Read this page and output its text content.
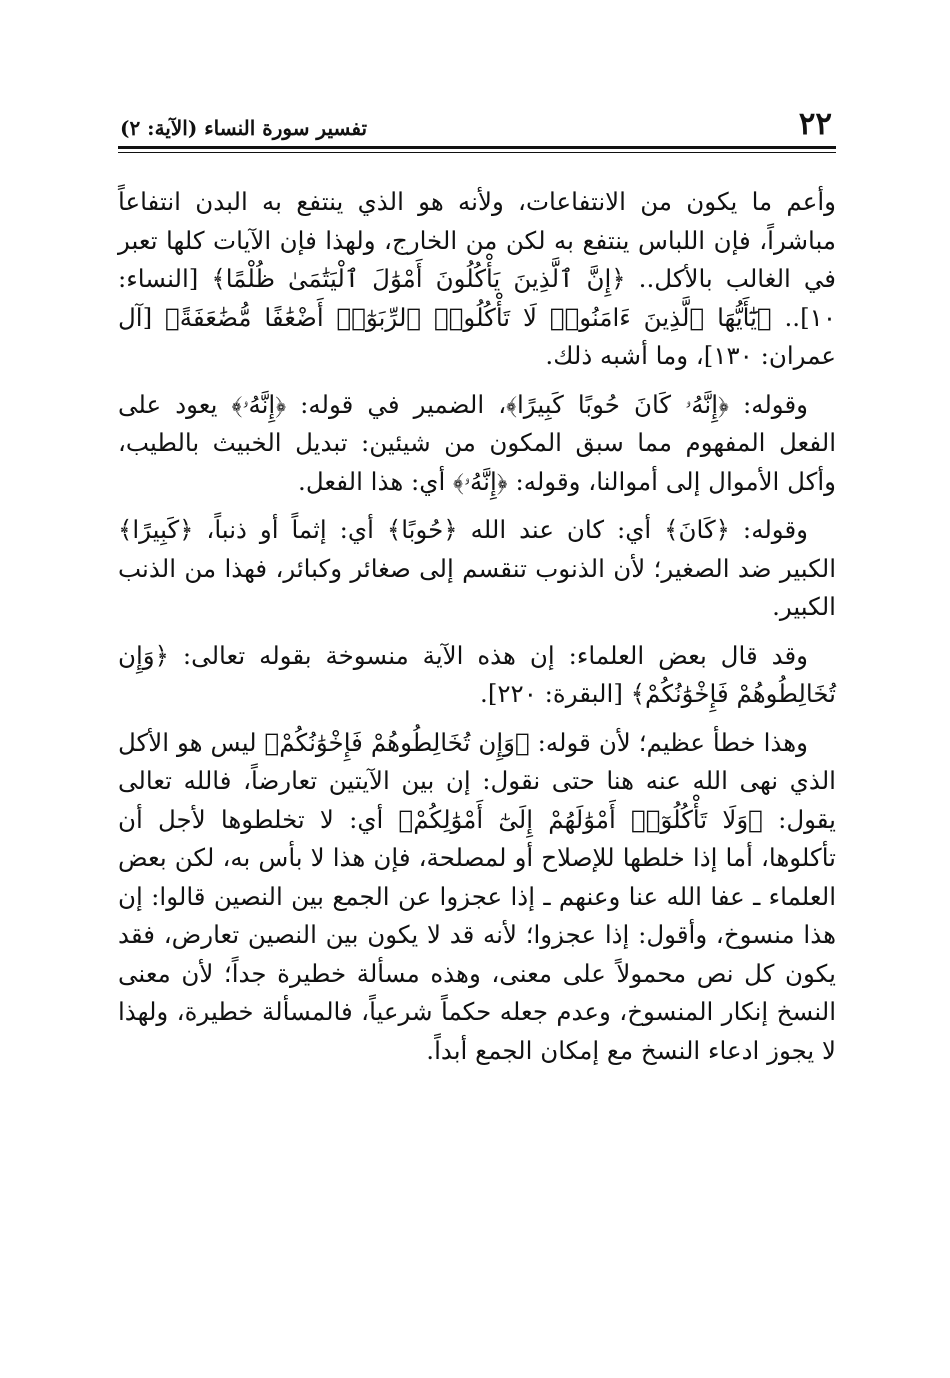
٢٢
تفسير سورة النساء (الآية: ٢)

وأعم ما يكون من الانتفاعات، ولأنه هو الذي ينتفع به البدن انتفاعاً مباشراً، فإن اللباس ينتفع به لكن من الخارج، ولهذا فإن الآيات كلها تعبر في الغالب بالأكل.. ﴿إِنَّ ٱلَّذِينَ يَأْكُلُونَ أَمْوَٰلَ ٱلْيَتَٰمَىٰ ظُلْمًا﴾ [النساء: ١٠].. ﴿يَٰٓأَيُّهَا ٱلَّذِينَ ءَامَنُوا۟ لَا تَأْكُلُوا۟ ٱلرِّبَوٰٓا۟ أَضْعَٰفًا مُّضَٰعَفَةً﴾ [آل عمران: ١٣٠]، وما أشبه ذلك.

وقوله: ﴿إِنَّهُۥ كَانَ حُوبًا كَبِيرًا﴾، الضمير في قوله: ﴿إِنَّهُۥ﴾ يعود على الفعل المفهوم مما سبق المكون من شيئين: تبديل الخبيث بالطيب، وأكل الأموال إلى أموالنا، وقوله: ﴿إِنَّهُۥ﴾ أي: هذا الفعل.

وقوله: ﴿كَانَ﴾ أي: كان عند الله ﴿حُوبًا﴾ أي: إثماً أو ذنباً، ﴿كَبِيرًا﴾ الكبير ضد الصغير؛ لأن الذنوب تنقسم إلى صغائر وكبائر، فهذا من الذنب الكبير.

وقد قال بعض العلماء: إن هذه الآية منسوخة بقوله تعالى: ﴿وَإِن تُخَالِطُوهُمْ فَإِخْوَٰنُكُمْ﴾ [البقرة: ٢٢٠].

وهذا خطأ عظيم؛ لأن قوله: ﴿وَإِن تُخَالِطُوهُمْ فَإِخْوَٰنُكُمْ﴾ ليس هو الأكل الذي نهى الله عنه هنا حتى نقول: إن بين الآيتين تعارضاً، فالله تعالى يقول: ﴿وَلَا تَأْكُلُوٓا۟ أَمْوَٰلَهُمْ إِلَىٰٓ أَمْوَٰلِكُمْ﴾ أي: لا تخلطوها لأجل أن تأكلوها، أما إذا خلطها للإصلاح أو لمصلحة، فإن هذا لا بأس به، لكن بعض العلماء ـ عفا الله عنا وعنهم ـ إذا عجزوا عن الجمع بين النصين قالوا: إن هذا منسوخ، وأقول: إذا عجزوا؛ لأنه قد لا يكون بين النصين تعارض، فقد يكون كل نص محمولاً على معنى، وهذه مسألة خطيرة جداً؛ لأن معنى النسخ إنكار المنسوخ، وعدم جعله حكماً شرعياً، فالمسألة خطيرة، ولهذا لا يجوز ادعاء النسخ مع إمكان الجمع أبداً.
